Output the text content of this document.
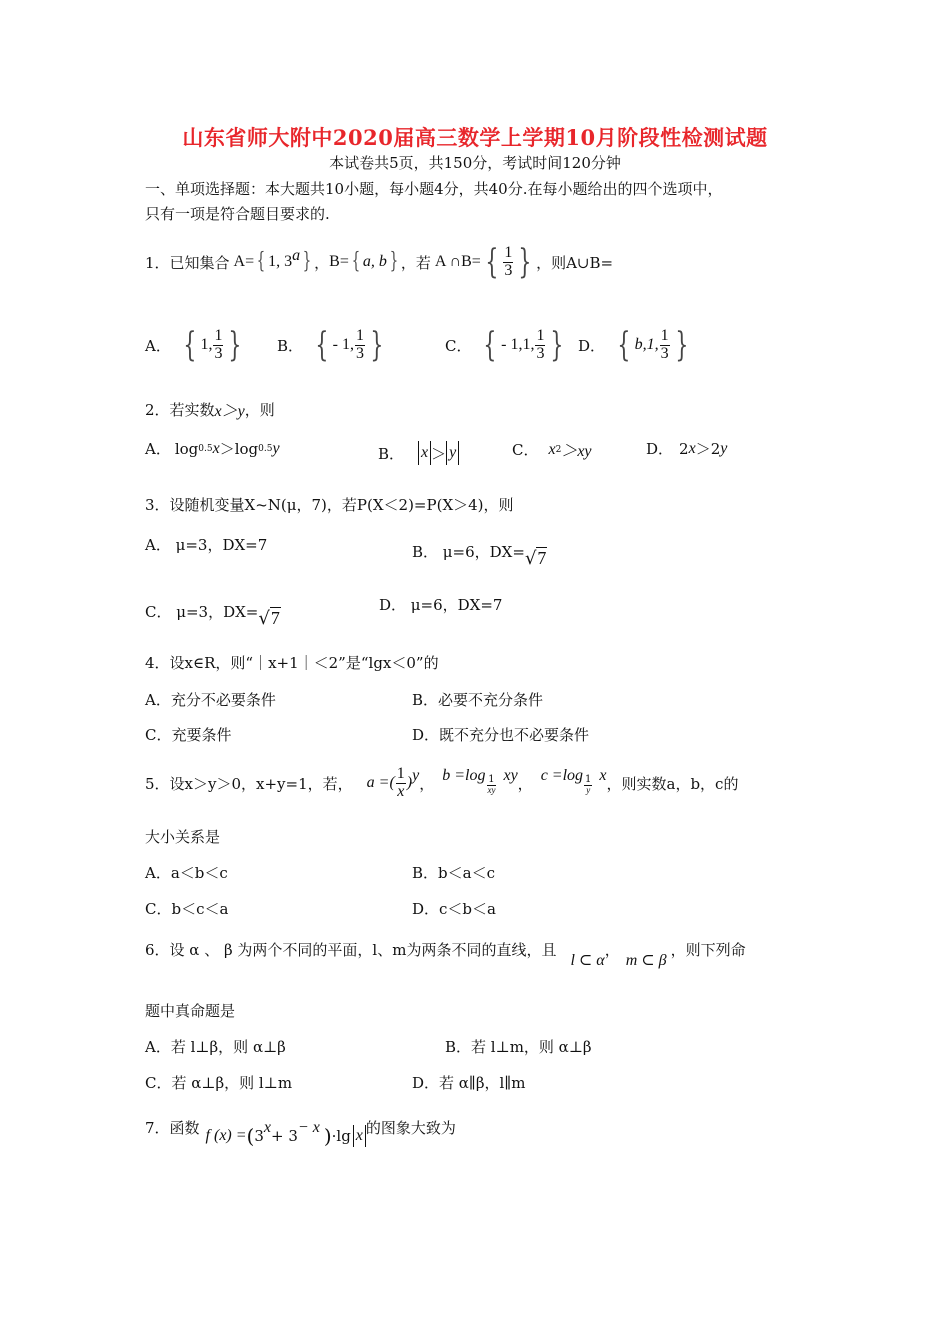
山东省师大附中2020届高三数学上学期10月阶段性检测试题
本试卷共5页，共150分，考试时间120分钟
一、单项选择题：本大题共10小题，每小题4分，共40分.在每小题给出的四个选项中，
只有一项是符合题目要求的.
1．已知集合 A= { 1, 3 a } ， B= { a, b } ，若 A ∩B= { $\frac{1}{3}$ } ，则A∪B=
A． { 1, $\frac{1}{3}$ } B． { - 1, $\frac{1}{3}$ }	C． { - 1,1, $\frac{1}{3}$ } D． { b,1, $\frac{1}{3}$ }
2．若实数 x＞y ，则
A． log 0.5 x ＞log 0.5 y	B． x ＞ y	C． x 2 ＞xy	D． 2 x ＞2 y
3．设随机变量X~N(μ，7)，若P(X＜2)=P(X＞4)，则
A． μ=3，DX=7	B． μ=6，DX= √7
C． μ=3，DX= √7
D． μ=6，DX=7
4．设x∈R，则“｜x+1｜＜2”是“lgx＜0”的
A．充分不必要条件	B．必要不充分条件
C．充要条件	D．既不充分也不必要条件
5．设x＞y＞0，x+y=1，若， a =( $\frac{1}{x}$ ) y ， $b =\log \frac{1}{xy}$ xy ， $c =\log \frac{1}{y}$ x ，则实数a，b，c的
大小关系是
A．a＜b＜c	B．b＜a＜c
C．b＜c＜a	D．c＜b＜a
6．设 α 、 β 为两个不同的平面，l、m为两条不同的直线，且
l ⊂ α
，
m ⊂ β
，则下列命
题中真命题是
A．若 l⊥β，则 α⊥β	B．若 l⊥m，则 α⊥β
C．若 α⊥β，则 l⊥m	D．若 α∥β，l∥m
7．函数 f (x) = ( 3 x + 3 − x ) ·lg x 的图象大致为
